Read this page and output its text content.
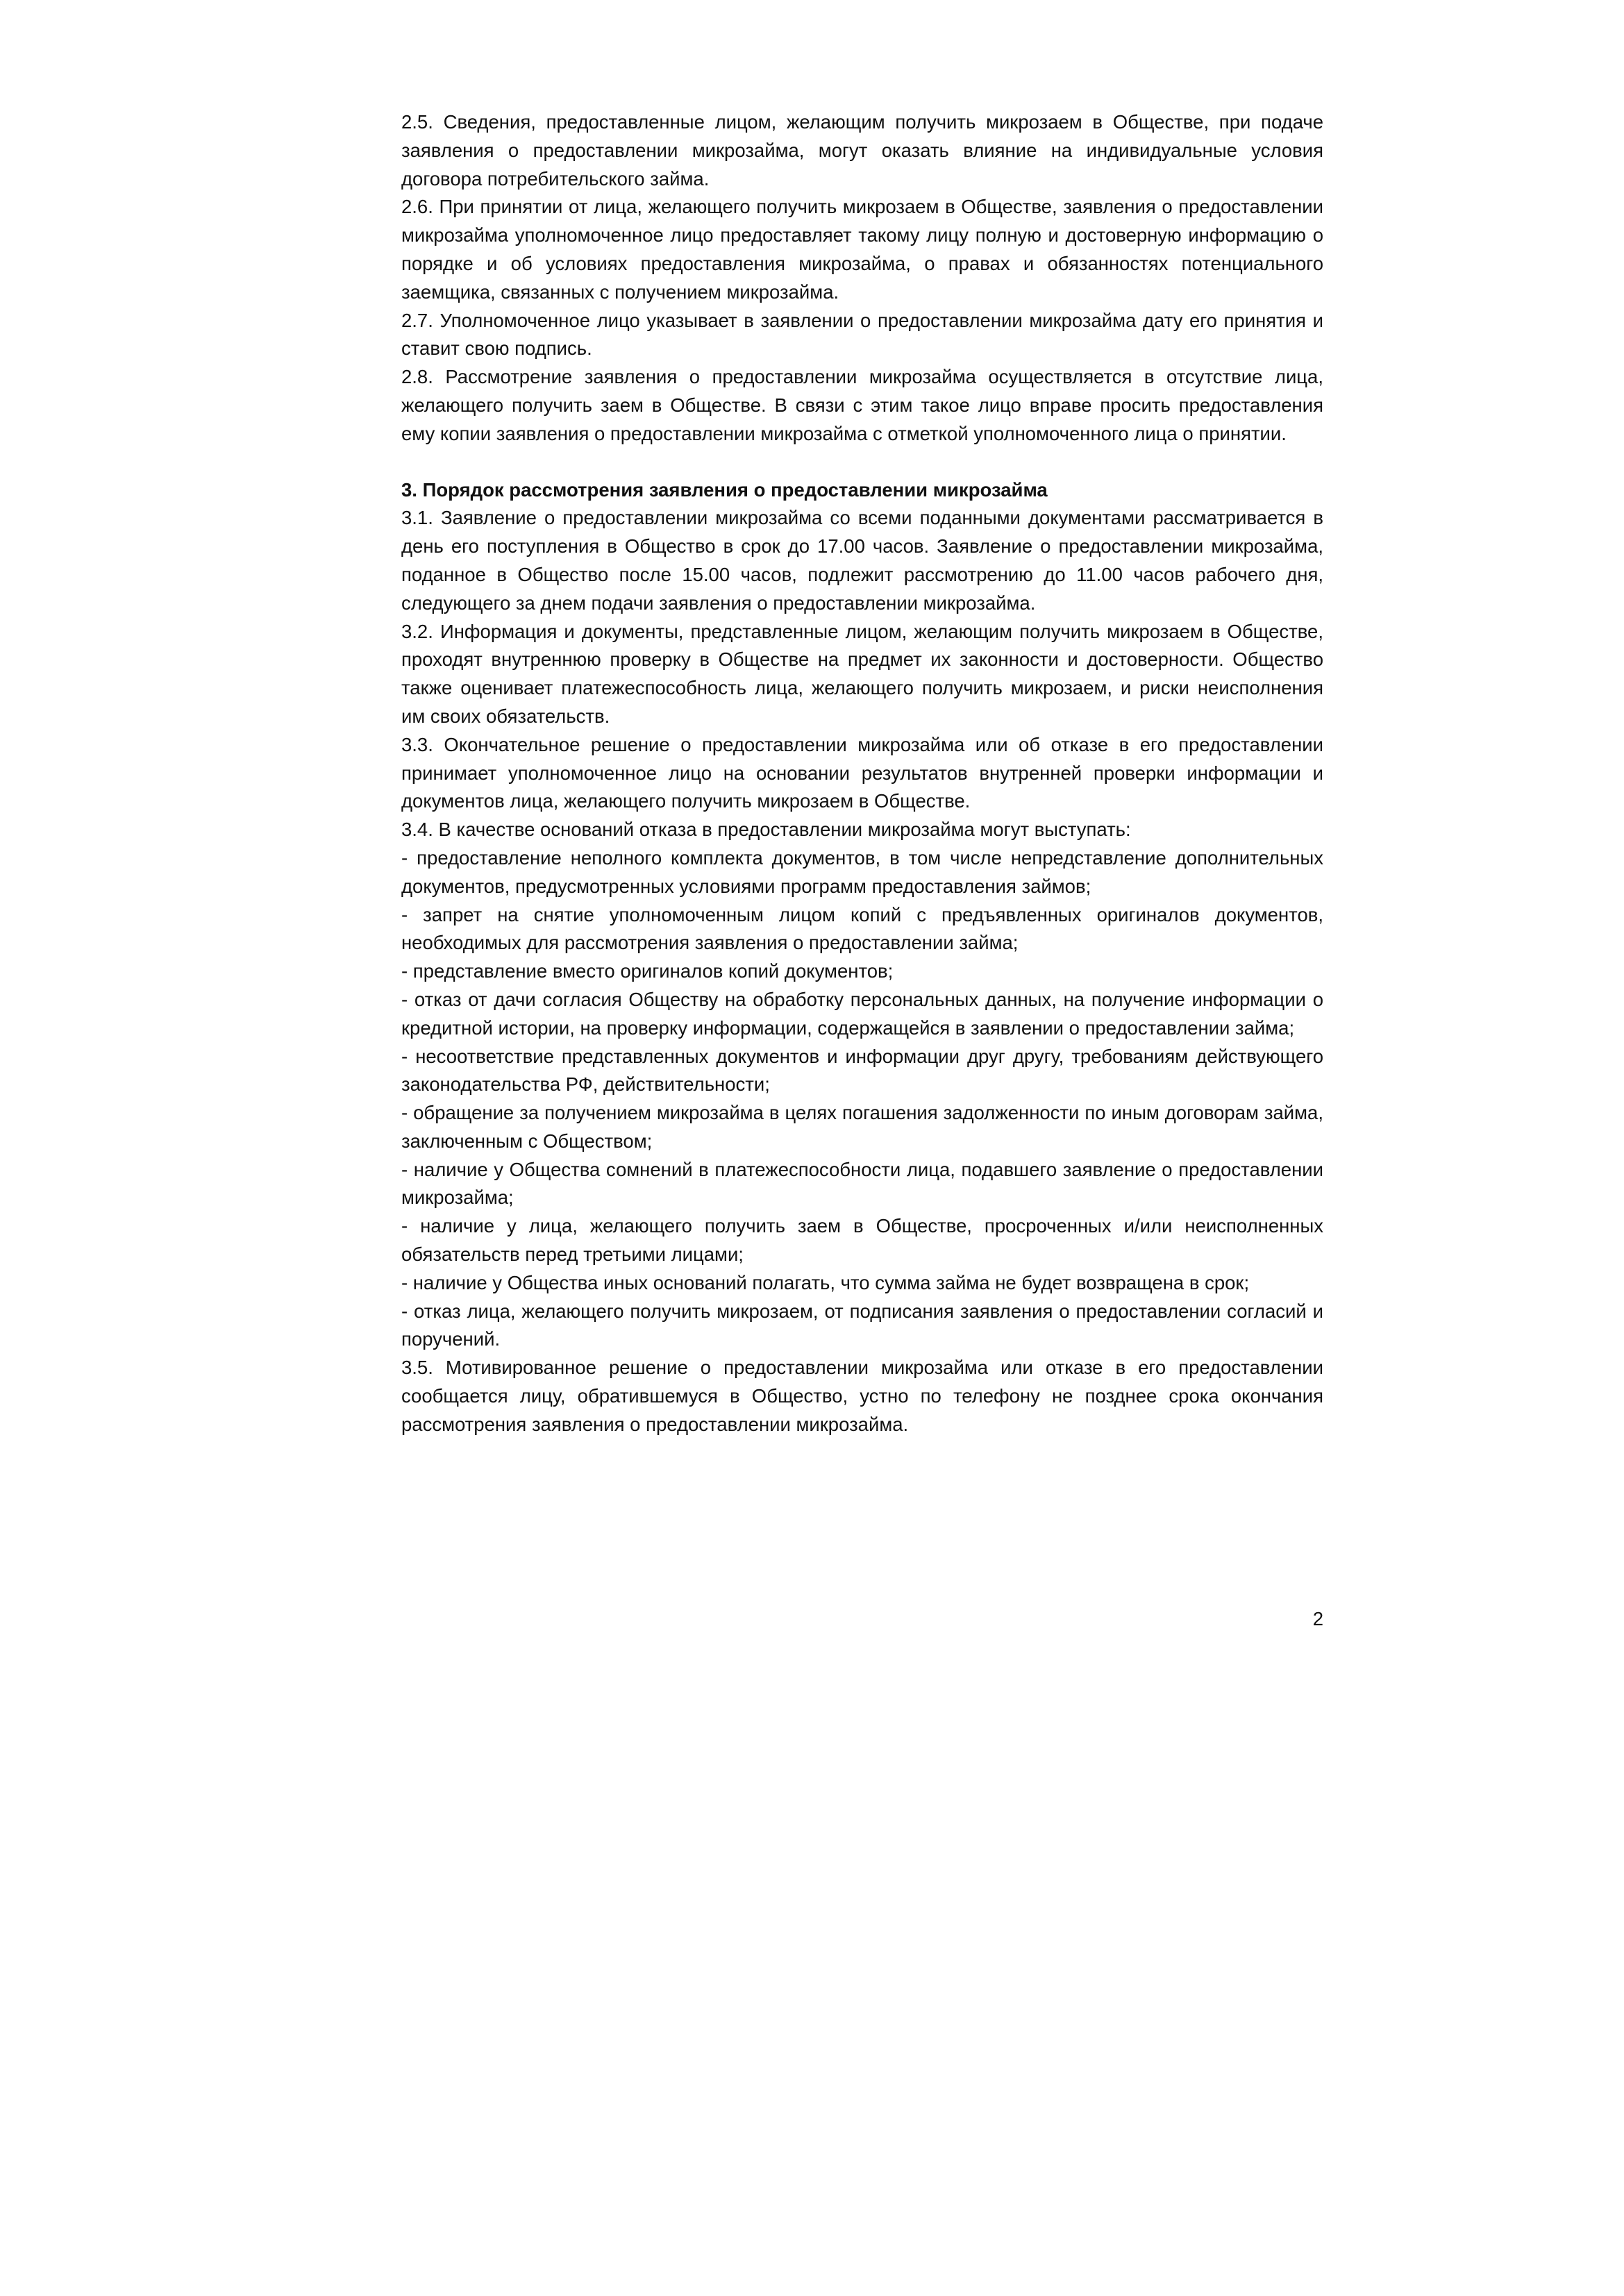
2.5. Сведения, предоставленные лицом, желающим получить микрозаем в Обществе, при подаче заявления о предоставлении микрозайма, могут оказать влияние на индивидуальные условия договора потребительского займа.

2.6. При принятии от лица, желающего получить микрозаем в Обществе, заявления о предоставлении микрозайма уполномоченное лицо предоставляет такому лицу полную и достоверную информацию о порядке и об условиях предоставления микрозайма, о правах и обязанностях потенциального заемщика, связанных с получением микрозайма.

2.7. Уполномоченное лицо указывает в заявлении о предоставлении микрозайма дату его принятия и ставит свою подпись.

2.8. Рассмотрение заявления о предоставлении микрозайма осуществляется в отсутствие лица, желающего получить заем в Обществе. В связи с этим такое лицо вправе просить предоставления ему копии заявления о предоставлении микрозайма с отметкой уполномоченного лица о принятии.

3. Порядок рассмотрения заявления о предоставлении микрозайма

3.1. Заявление о предоставлении микрозайма со всеми поданными документами рассматривается в день его поступления в Общество в срок до 17.00 часов. Заявление о предоставлении микрозайма, поданное в Общество после 15.00 часов, подлежит рассмотрению до 11.00 часов рабочего дня, следующего за днем подачи заявления о предоставлении микрозайма.

3.2. Информация и документы, представленные лицом, желающим получить микрозаем в Обществе, проходят внутреннюю проверку в Обществе на предмет их законности и достоверности. Общество также оценивает платежеспособность лица, желающего получить микрозаем, и риски неисполнения им своих обязательств.

3.3. Окончательное решение о предоставлении микрозайма или об отказе в его предоставлении принимает уполномоченное лицо на основании результатов внутренней проверки информации и документов лица, желающего получить микрозаем в Обществе.

3.4. В качестве оснований отказа в предоставлении микрозайма могут выступать:

- предоставление неполного комплекта документов, в том числе непредставление дополнительных документов, предусмотренных условиями программ предоставления займов;

- запрет на снятие уполномоченным лицом копий с предъявленных оригиналов документов, необходимых для рассмотрения заявления о предоставлении займа;

- представление вместо оригиналов копий документов;

- отказ от дачи согласия Обществу на обработку персональных данных, на получение информации о кредитной истории, на проверку информации, содержащейся в заявлении о предоставлении займа;

- несоответствие представленных документов и информации друг другу, требованиям действующего законодательства РФ, действительности;

- обращение за получением микрозайма в целях погашения задолженности по иным договорам займа, заключенным с Обществом;

- наличие у Общества сомнений в платежеспособности лица, подавшего заявление о предоставлении микрозайма;

- наличие у лица, желающего получить заем в Обществе, просроченных и/или неисполненных обязательств перед третьими лицами;

- наличие у Общества иных оснований полагать, что сумма займа не будет возвращена в срок;

- отказ лица, желающего получить микрозаем, от подписания заявления о предоставлении согласий и поручений.

3.5. Мотивированное решение о предоставлении микрозайма или отказе в его предоставлении сообщается лицу, обратившемуся в Общество, устно по телефону не позднее срока окончания рассмотрения заявления о предоставлении микрозайма.

2
